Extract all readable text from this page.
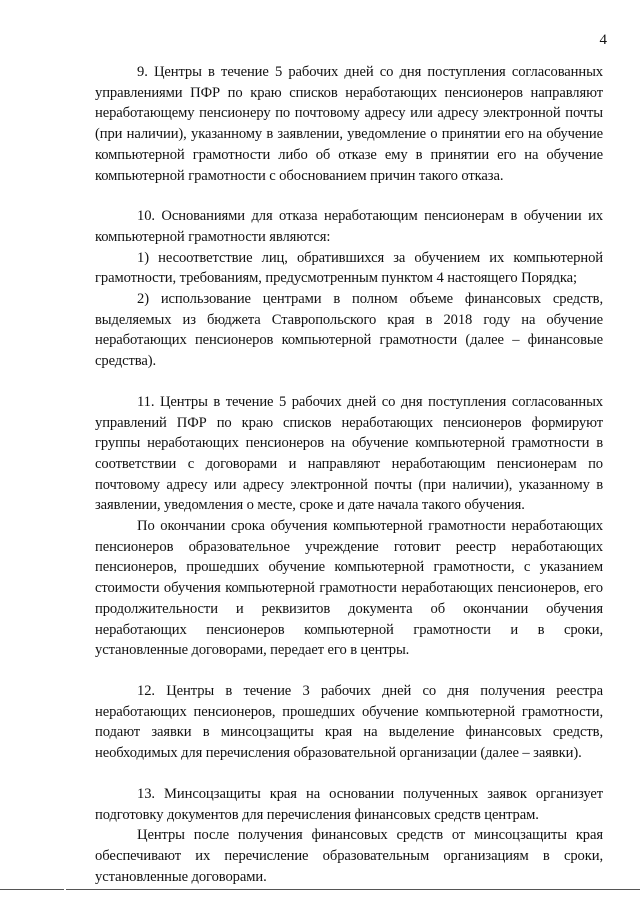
4

9. Центры в течение 5 рабочих дней со дня поступления согласованных управлениями ПФР по краю списков неработающих пенсионеров направляют неработающему пенсионеру по почтовому адресу или адресу электронной почты (при наличии), указанному в заявлении, уведомление о принятии его на обучение компьютерной грамотности либо об отказе ему в принятии его на обучение компьютерной грамотности с обоснованием причин такого отказа.

10. Основаниями для отказа неработающим пенсионерам в обучении их компьютерной грамотности являются:

1) несоответствие лиц, обратившихся за обучением их компьютерной грамотности, требованиям, предусмотренным пунктом 4 настоящего Порядка;

2) использование центрами в полном объеме финансовых средств, выделяемых из бюджета Ставропольского края в 2018 году на обучение неработающих пенсионеров компьютерной грамотности (далее – финансовые средства).

11. Центры в течение 5 рабочих дней со дня поступления согласованных управлений ПФР по краю списков неработающих пенсионеров формируют группы неработающих пенсионеров на обучение компьютерной грамотности в соответствии с договорами и направляют неработающим пенсионерам по почтовому адресу или адресу электронной почты (при наличии), указанному в заявлении, уведомления о месте, сроке и дате начала такого обучения.

По окончании срока обучения компьютерной грамотности неработающих пенсионеров образовательное учреждение готовит реестр неработающих пенсионеров, прошедших обучение компьютерной грамотности, с указанием стоимости обучения компьютерной грамотности неработающих пенсионеров, его продолжительности и реквизитов документа об окончании обучения неработающих пенсионеров компьютерной грамотности и в сроки, установленные договорами, передает его в центры.

12. Центры в течение 3 рабочих дней со дня получения реестра неработающих пенсионеров, прошедших обучение компьютерной грамотности, подают заявки в минсоцзащиты края на выделение финансовых средств, необходимых для перечисления образовательной организации (далее – заявки).

13. Минсоцзащиты края на основании полученных заявок организует подготовку документов для перечисления финансовых средств центрам.

Центры после получения финансовых средств от минсоцзащиты края обеспечивают их перечисление образовательным организациям в сроки, установленные договорами.
